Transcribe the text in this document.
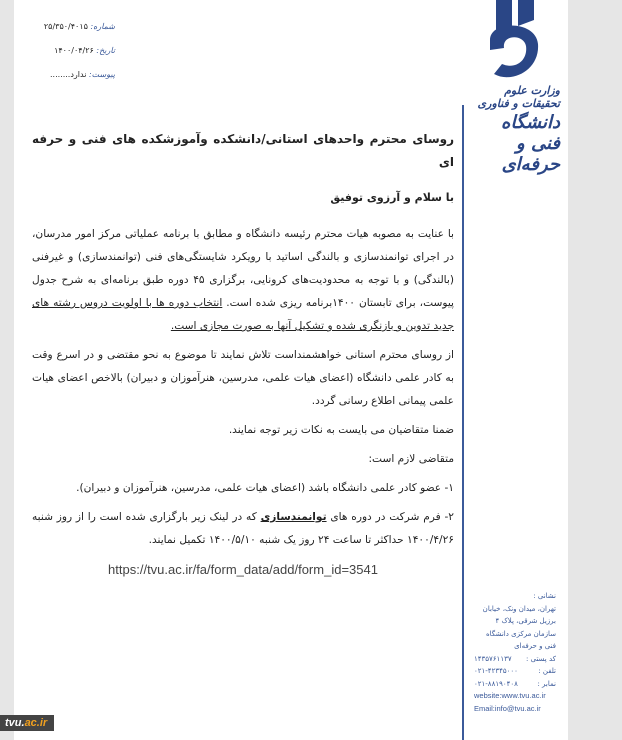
وزارت علوم تحقیقات و فناوری
دانشگاه فنی و حرفه‌ای
شماره: ۲۵/۳۵۰/۴۰۱۵
تاریخ: ۱۴۰۰/۰۴/۲۶
پیوست: ندارد........
روسای محترم واحدهای استانی/دانشکده وآموزشکده های فنی و حرفه ای
با سلام و آرزوی توفیق
با عنایت به مصوبه هیات محترم رئیسه دانشگاه و مطابق با برنامه عملیاتی مرکز امور مدرسان، در اجرای توانمندسازی و بالندگی اساتید با رویکرد شایستگی‌های فنی (توانمندسازی) و غیرفنی (بالندگی) و با توجه به محدودیت‌های کرونایی، برگزاری ۴۵ دوره طبق برنامه‌ای به شرح جدول پیوست، برای تابستان ۱۴۰۰برنامه ریزی شده است. انتخاب دوره ها با اولویت دروس رشته های جدید تدوین و بازنگری شده و تشکیل آنها به صورت مجازی است.
از روسای محترم استانی خواهشمنداست تلاش نمایند تا موضوع به نحو مقتضی و در اسرع وقت به کادر علمی دانشگاه (اعضای هیات علمی، مدرسین، هنرآموزان و دبیران) بالاخص اعضای هیات علمی پیمانی اطلاع رسانی گردد.
ضمنا متقاضیان می بایست به نکات زیر توجه نمایند.
متقاضی لازم است:
۱- عضو کادر علمی دانشگاه باشد (اعضای هیات علمی، مدرسین، هنرآموزان و دبیران).
۲- فرم شرکت در دوره های توانمندسازی که در لینک زیر بارگزاری شده است را از روز شنبه ۱۴۰۰/۴/۲۶ حداکثر تا ساعت ۲۴ روز یک شنبه ۱۴۰۰/۵/۱۰ تکمیل نمایند.
https://tvu.ac.ir/fa/form_data/add/form_id=3541
نشانی :
تهران، میدان ونک، خیابان برزیل شرقی، پلاک ۴ سازمان مرکزی دانشگاه فنی و حرفه‌ای
کد پستی :
۱۴۳۵۷۶۱۱۳۷
تلفن :
۰۲۱-۴۲۳۴۵۰۰۰
نمابر :
۰۲۱-۸۸۱۹۰۴۰۸
website:www.tvu.ac.ir
Email:info@tvu.ac.ir
tvu.ac.ir
